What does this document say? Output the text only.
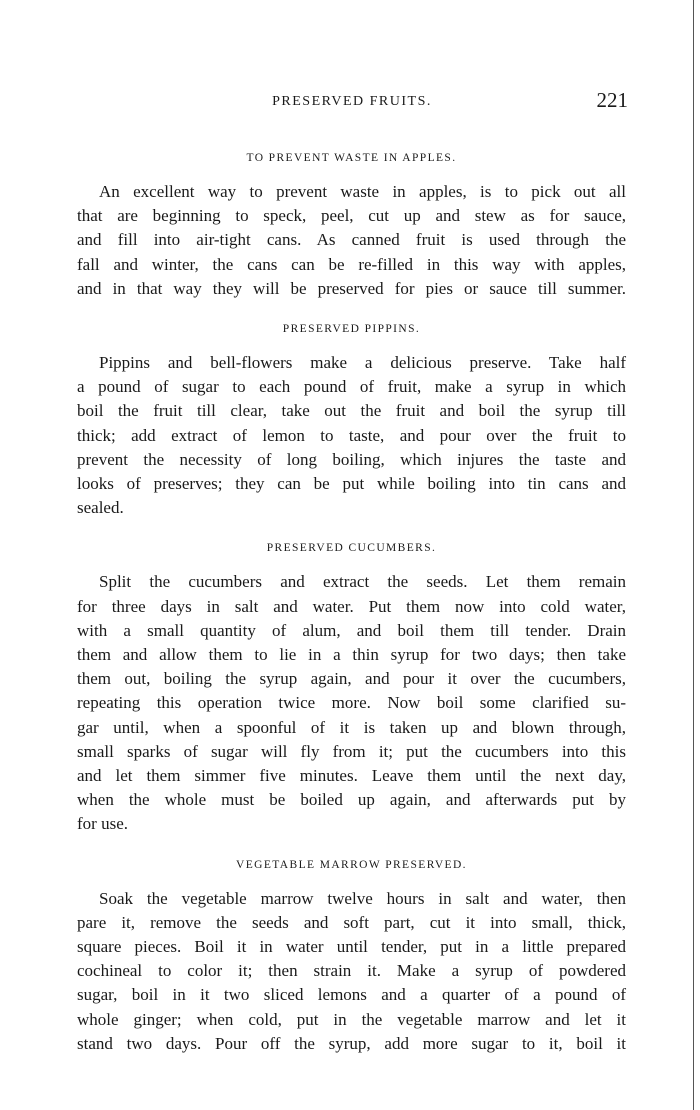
PRESERVED FRUITS.	221
TO PREVENT WASTE IN APPLES.

An excellent way to prevent waste in apples, is to pick out all
that are beginning to speck, peel, cut up and stew as for sauce,
and fill into air-tight cans. As canned fruit is used through the
fall and winter, the cans can be re-filled in this way with apples,
and in that way they will be preserved for pies or sauce till summer.

PRESERVED PIPPINS.

Pippins and bell-flowers make a delicious preserve. Take half
a pound of sugar to each pound of fruit, make a syrup in which
boil the fruit till clear, take out the fruit and boil the syrup till
thick; add extract of lemon to taste, and pour over the fruit to
prevent the necessity of long boiling, which injures the taste and
looks of preserves; they can be put while boiling into tin cans and
sealed.

PRESERVED CUCUMBERS.

Split the cucumbers and extract the seeds. Let them remain
for three days in salt and water. Put them now into cold water,
with a small quantity of alum, and boil them till tender. Drain
them and allow them to lie in a thin syrup for two days; then take
them out, boiling the syrup again, and pour it over the cucumbers,
repeating this operation twice more. Now boil some clarified su-
gar until, when a spoonful of it is taken up and blown through,
small sparks of sugar will fly from it; put the cucumbers into this
and let them simmer five minutes. Leave them until the next day,
when the whole must be boiled up again, and afterwards put by
for use.

VEGETABLE MARROW PRESERVED.

Soak the vegetable marrow twelve hours in salt and water, then
pare it, remove the seeds and soft part, cut it into small, thick,
square pieces. Boil it in water until tender, put in a little prepared
cochineal to color it; then strain it. Make a syrup of powdered
sugar, boil in it two sliced lemons and a quarter of a pound of
whole ginger; when cold, put in the vegetable marrow and let it
stand two days. Pour off the syrup, add more sugar to it, boil it
